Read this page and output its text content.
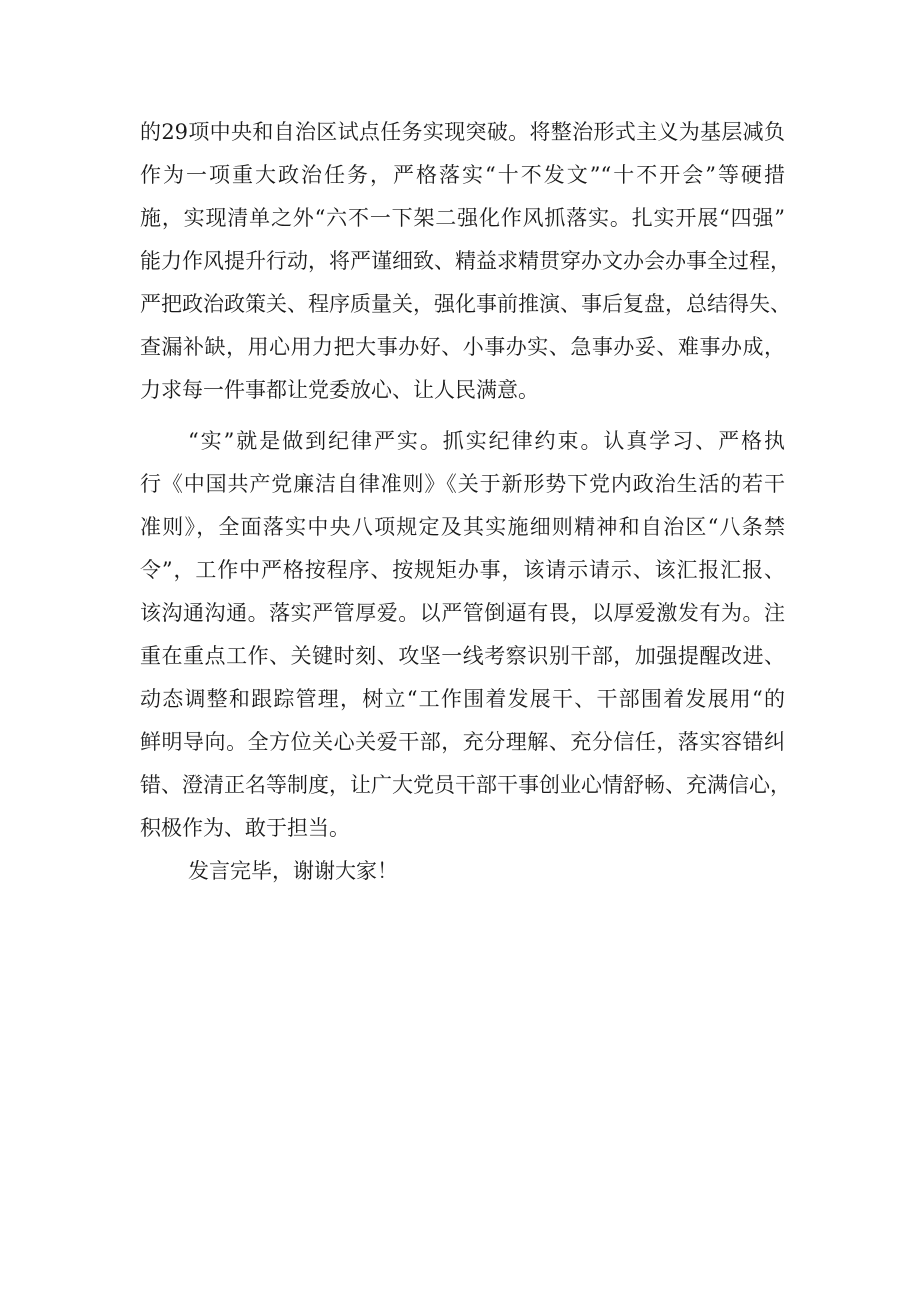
的29项中央和自治区试点任务实现突破。将整治形式主义为基层减负
作为一项重大政治任务，严格落实“十不发文”“十不开会”等硬措
施，实现清单之外“六不一下架二强化作风抓落实。扎实开展“四强”
能力作风提升行动，将严谨细致、精益求精贯穿办文办会办事全过程，
严把政治政策关、程序质量关，强化事前推演、事后复盘，总结得失、
查漏补缺，用心用力把大事办好、小事办实、急事办妥、难事办成，
力求每一件事都让党委放心、让人民满意。
“实”就是做到纪律严实。抓实纪律约束。认真学习、严格执
行《中国共产党廉洁自律准则》《关于新形势下党内政治生活的若干
准则》，全面落实中央八项规定及其实施细则精神和自治区“八条禁
令”，工作中严格按程序、按规矩办事，该请示请示、该汇报汇报、
该沟通沟通。落实严管厚爱。以严管倒逼有畏，以厚爱激发有为。注
重在重点工作、关键时刻、攻坚一线考察识别干部，加强提醒改进、
动态调整和跟踪管理，树立“工作围着发展干、干部围着发展用“的
鲜明导向。全方位关心关爱干部，充分理解、充分信任，落实容错纠
错、澄清正名等制度，让广大党员干部干事创业心情舒畅、充满信心，
积极作为、敢于担当。
发言完毕，谢谢大家！
